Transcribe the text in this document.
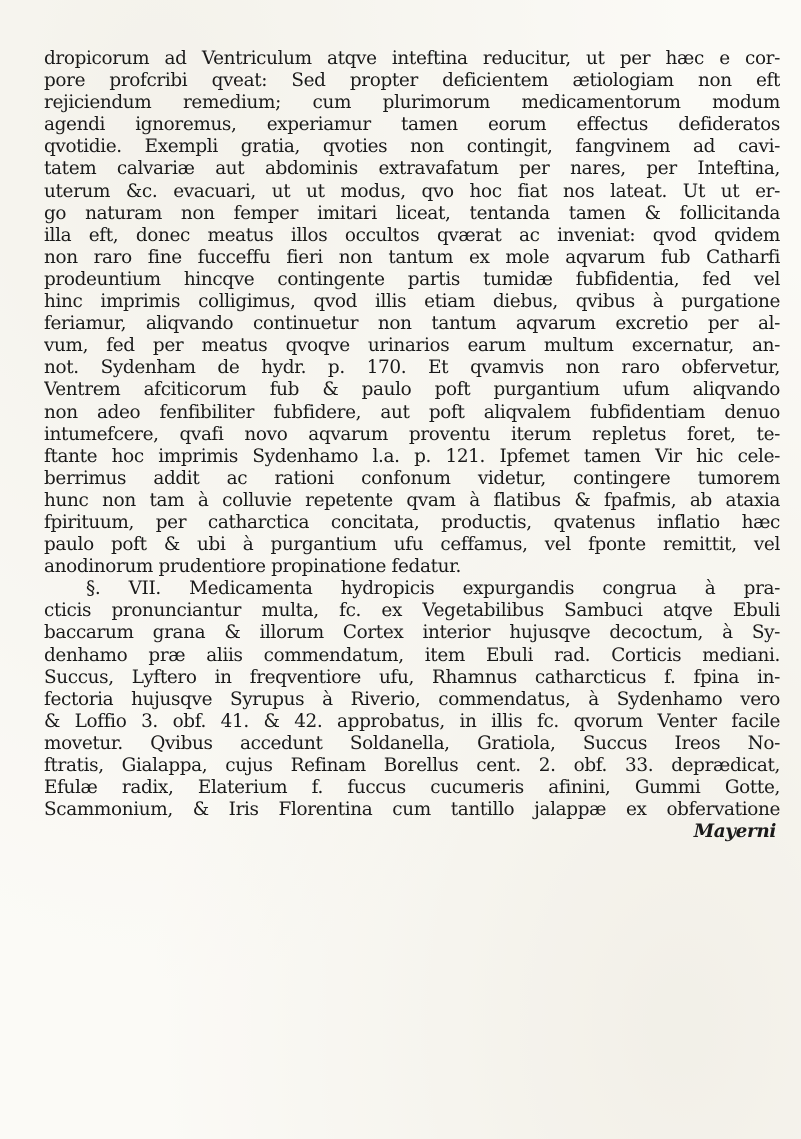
dropicorum ad Ventriculum atqve inteftina reducitur, ut per hæc e cor-
pore profcribi qveat: Sed propter deficientem ætiologiam non eft
rejiciendum remedium; cum plurimorum medicamentorum modum
agendi ignoremus, experiamur tamen eorum effectus defideratos
qvotidie. Exempli gratia, qvoties non contingit, fangvinem ad cavi-
tatem calvariæ aut abdominis extravafatum per nares, per Inteftina,
uterum &c. evacuari, ut ut modus, qvo hoc fiat nos lateat. Ut ut er-
go naturam non femper imitari liceat, tentanda tamen & follicitanda
illa eft, donec meatus illos occultos qværat ac inveniat: qvod qvidem
non raro fine fucceffu fieri non tantum ex mole aqvarum fub Catharfi
prodeuntium hincqve contingente partis tumidæ fubfidentia, fed vel
hinc imprimis colligimus, qvod illis etiam diebus, qvibus à purgatione
feriamur, aliqvando continuetur non tantum aqvarum excretio per al-
vum, fed per meatus qvoqve urinarios earum multum excernatur, an-
not. Sydenham de hydr. p. 170. Et qvamvis non raro obfervetur,
Ventrem afciticorum fub & paulo poft purgantium ufum aliqvando
non adeo fenfibiliter fubfidere, aut poft aliqvalem fubfidentiam denuo
intumefcere, qvafi novo aqvarum proventu iterum repletus foret, te-
ftante hoc imprimis Sydenhamo l.a. p. 121. Ipfemet tamen Vir hic cele-
berrimus addit ac rationi confonum videtur, contingere tumorem
hunc non tam à colluvie repetente qvam à flatibus & fpafmis, ab ataxia
fpirituum, per catharctica concitata, productis, qvatenus inflatio hæc
paulo poft & ubi à purgantium ufu ceffamus, vel fponte remittit, vel
anodinorum prudentiore propinatione fedatur.
§. VII. Medicamenta hydropicis expurgandis congrua à pra-
cticis pronunciantur multa, fc. ex Vegetabilibus Sambuci atqve Ebuli
baccarum grana & illorum Cortex interior hujusqve decoctum, à Sy-
denhamo præ aliis commendatum, item Ebuli rad. Corticis mediani.
Succus, Lyftero in freqventiore ufu, Rhamnus catharcticus f. fpina in-
fectoria hujusqve Syrupus à Riverio, commendatus, à Sydenhamo vero
& Loffio 3. obf. 41. & 42. approbatus, in illis fc. qvorum Venter facile
movetur. Qvibus accedunt Soldanella, Gratiola, Succus Ireos No-
ftratis, Gialappa, cujus Refinam Borellus cent. 2. obf. 33. deprædicat,
Efulæ radix, Elaterium f. fuccus cucumeris afinini, Gummi Gotte,
Scammonium, & Iris Florentina cum tantillo jalappæ ex obfervatione
Mayerni
